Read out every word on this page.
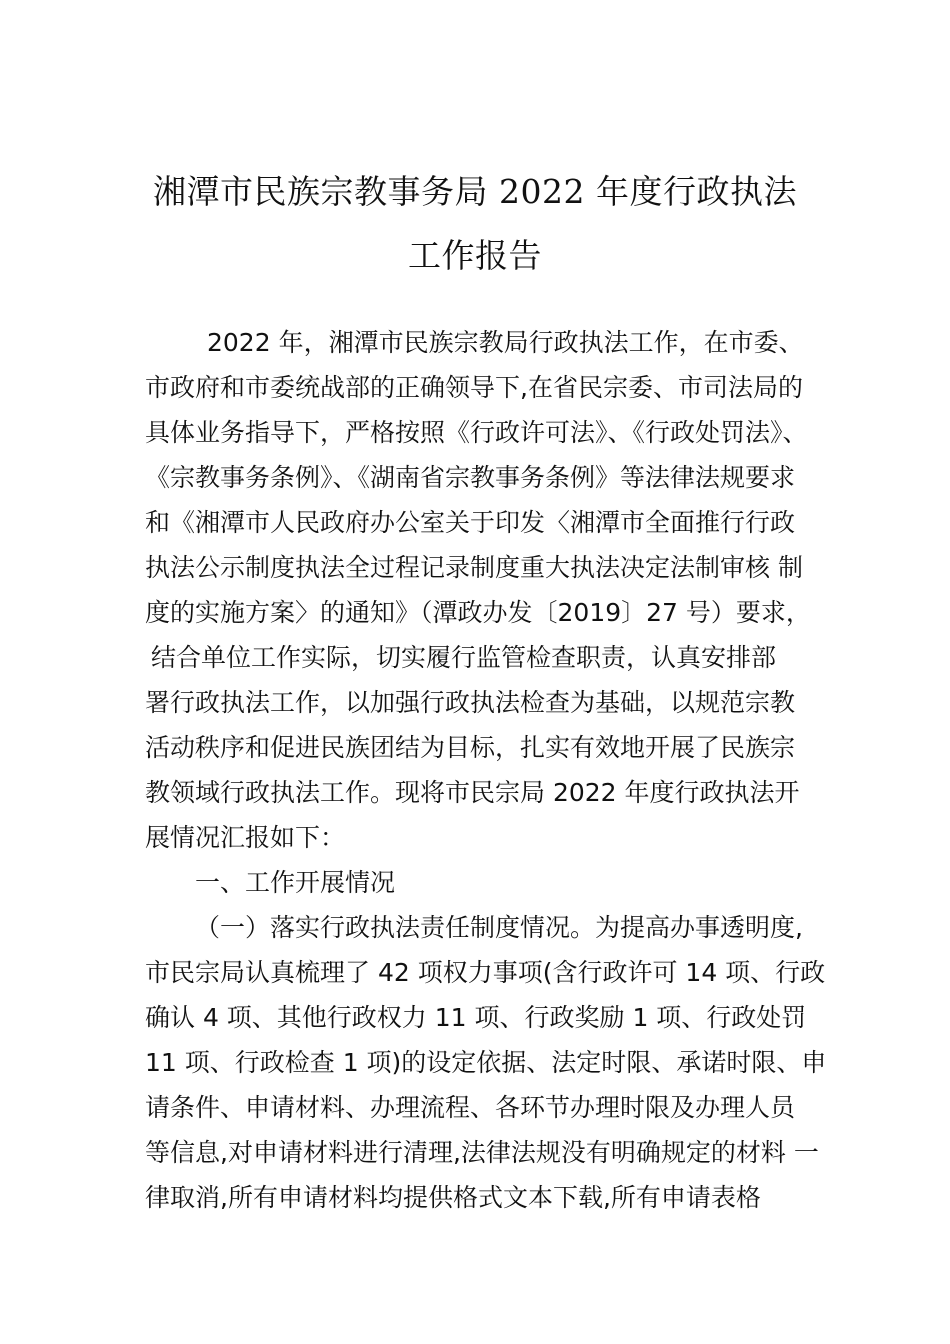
湘潭市民族宗教事务局 2022 年度行政执法
工作报告
2022 年，湘潭市民族宗教局行政执法工作，在市委、
市政府和市委统战部的正确领导下,在省民宗委、市司法局的
具体业务指导下，严格按照《行政许可法》、《行政处罚法》、
《宗教事务条例》、《湖南省宗教事务条例》等法律法规要求
和《湘潭市人民政府办公室关于印发〈湘潭市全面推行行政
执法公示制度执法全过程记录制度重大执法决定法制审核 制
度的实施方案〉的通知》（潭政办发〔2019〕27 号）要求，
结合单位工作实际，切实履行监管检查职责，认真安排部
署行政执法工作，以加强行政执法检查为基础，以规范宗教
活动秩序和促进民族团结为目标，扎实有效地开展了民族宗
教领域行政执法工作。现将市民宗局 2022 年度行政执法开
展情况汇报如下：
一、工作开展情况
（一）落实行政执法责任制度情况。为提高办事透明度,
市民宗局认真梳理了 42 项权力事项(含行政许可 14 项、行政
确认 4 项、其他行政权力 11 项、行政奖励 1 项、行政处罚
11 项、行政检查 1 项)的设定依据、法定时限、承诺时限、申
请条件、申请材料、办理流程、各环节办理时限及办理人员
等信息,对申请材料进行清理,法律法规没有明确规定的材料 一
律取消,所有申请材料均提供格式文本下载,所有申请表格
